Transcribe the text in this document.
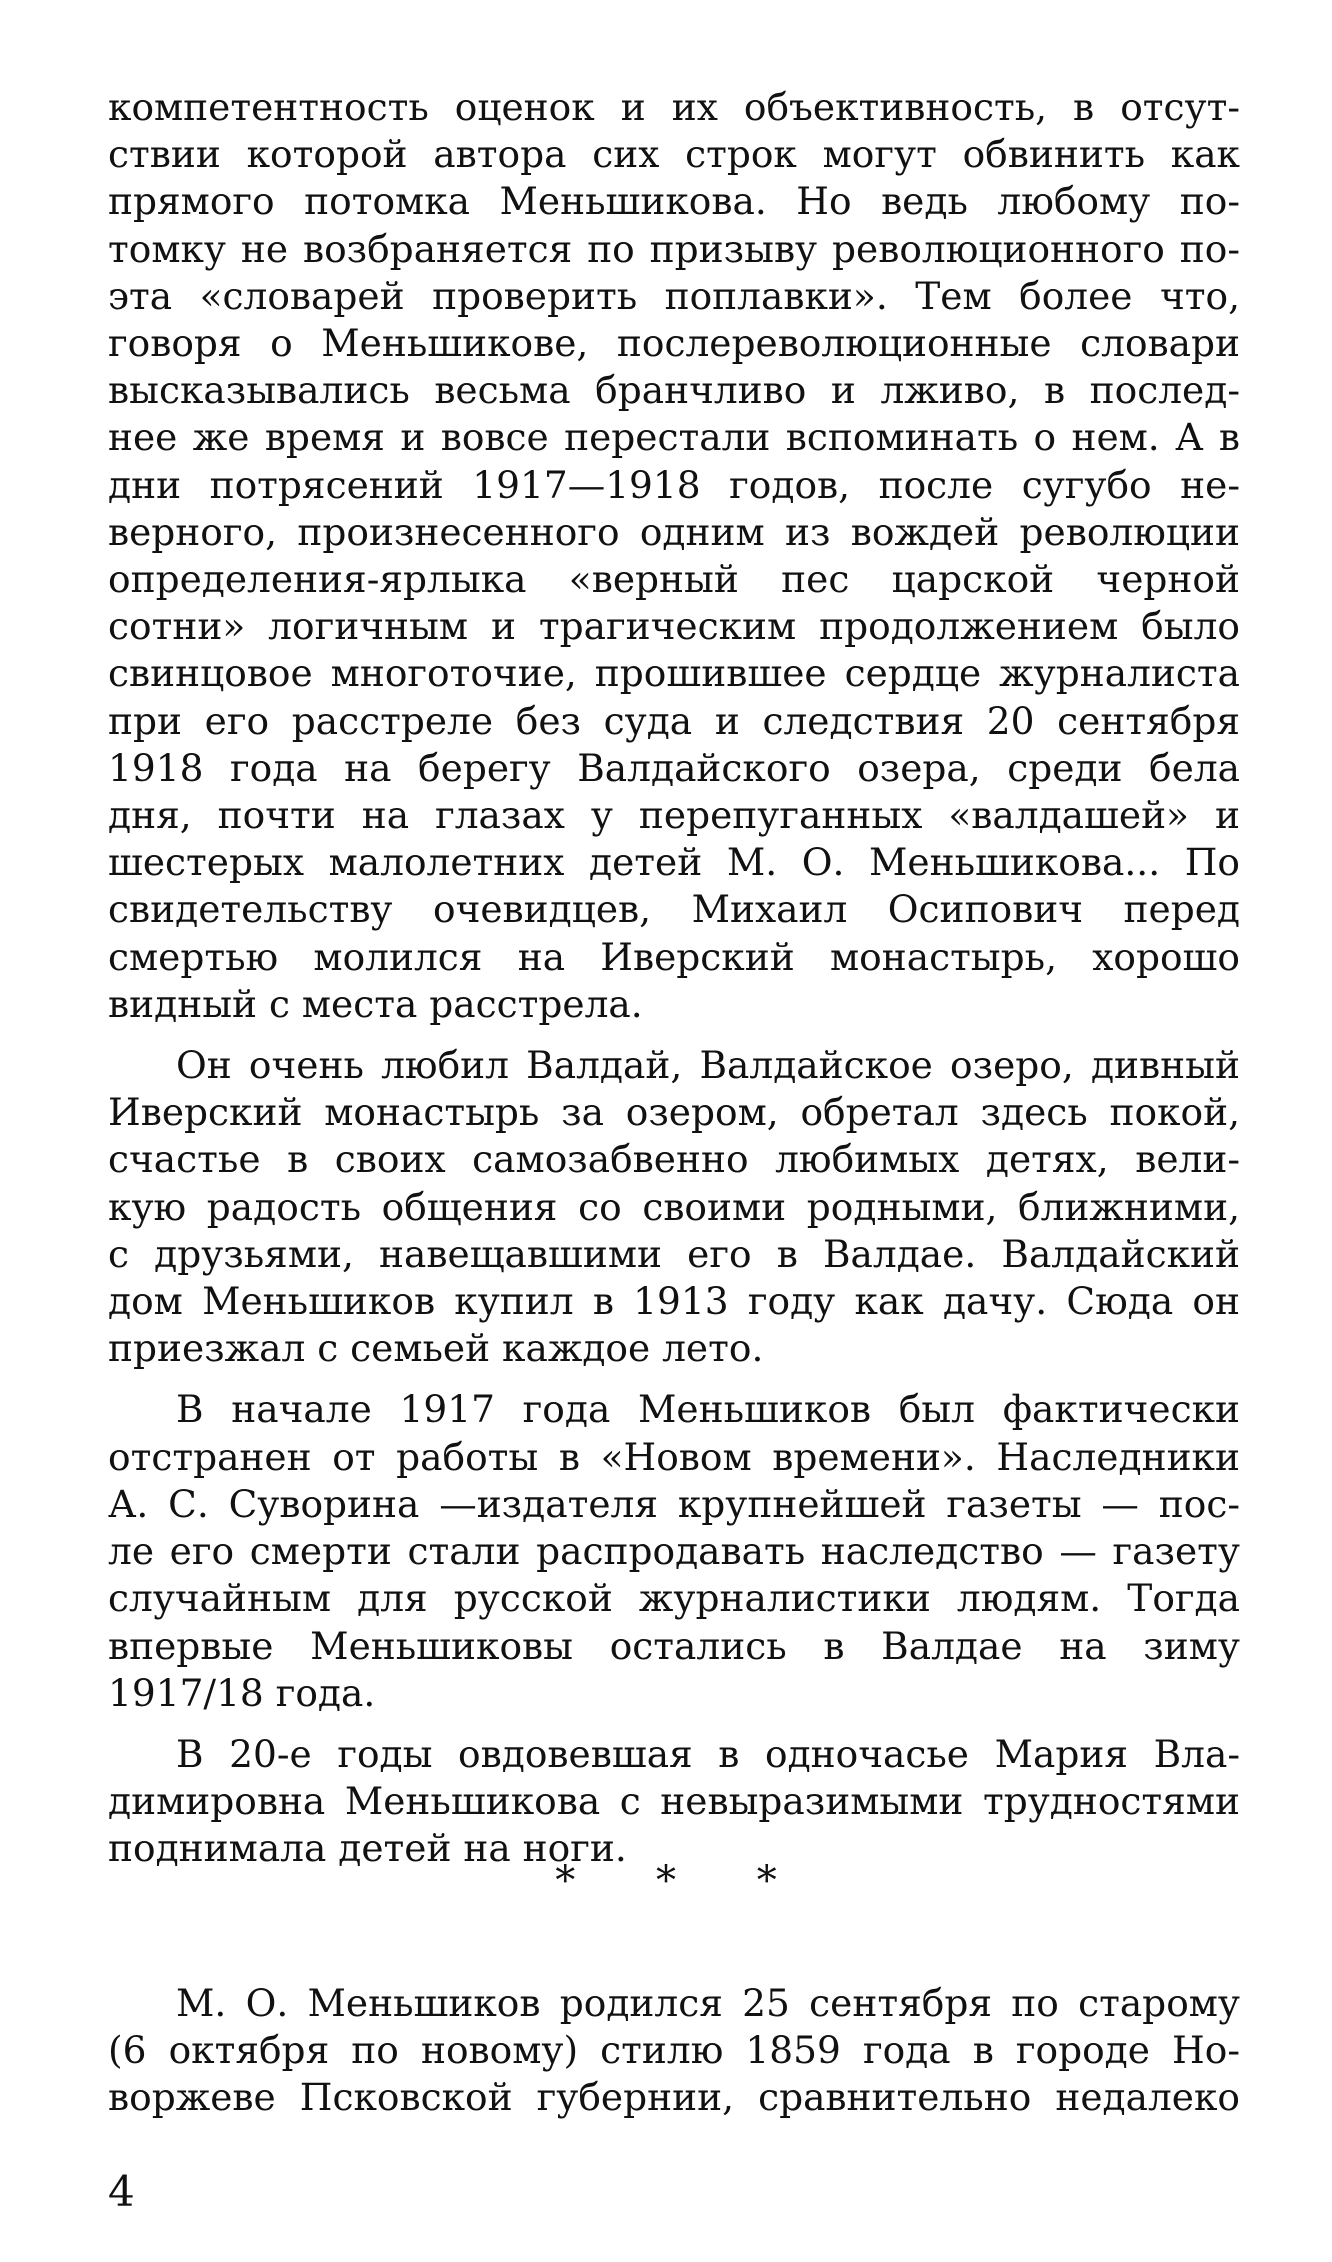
компетентность оценок и их объективность, в отсут-
ствии которой автора сих строк могут обвинить как
прямого потомка Меньшикова. Но ведь любому по-
томку не возбраняется по призыву революционного по-
эта «словарей проверить поплавки». Тем более что,
говоря о Меньшикове, послереволюционные словари
высказывались весьма бранчливо и лживо, в послед-
нее же время и вовсе перестали вспоминать о нем. А в
дни потрясений 1917—1918 годов, после сугубо не-
верного, произнесенного одним из вождей революции
определения-ярлыка «верный пес царской черной
сотни» логичным и трагическим продолжением было
свинцовое многоточие, прошившее сердце журналиста
при его расстреле без суда и следствия 20 сентября
1918 года на берегу Валдайского озера, среди бела
дня, почти на глазах у перепуганных «валдашей» и
шестерых малолетних детей М. О. Меньшикова... По
свидетельству очевидцев, Михаил Осипович перед
смертью молился на Иверский монастырь, хорошо
видный с места расстрела.

Он очень любил Валдай, Валдайское озеро, дивный
Иверский монастырь за озером, обретал здесь покой,
счастье в своих самозабвенно любимых детях, вели-
кую радость общения со своими родными, ближними,
с друзьями, навещавшими его в Валдае. Валдайский
дом Меньшиков купил в 1913 году как дачу. Сюда он
приезжал с семьей каждое лето.

В начале 1917 года Меньшиков был фактически
отстранен от работы в «Новом времени». Наследники
А. С. Суворина —издателя крупнейшей газеты — пос-
ле его смерти стали распродавать наследство — газету
случайным для русской журналистики людям. Тогда
впервые Меньшиковы остались в Валдае на зиму
1917/18 года.

В 20-е годы овдовевшая в одночасье Мария Вла-
димировна Меньшикова с невыразимыми трудностями
поднимала детей на ноги.

* * *

М. О. Меньшиков родился 25 сентября по старому
(6 октября по новому) стилю 1859 года в городе Но-
воржеве Псковской губернии, сравнительно недалеко

4
